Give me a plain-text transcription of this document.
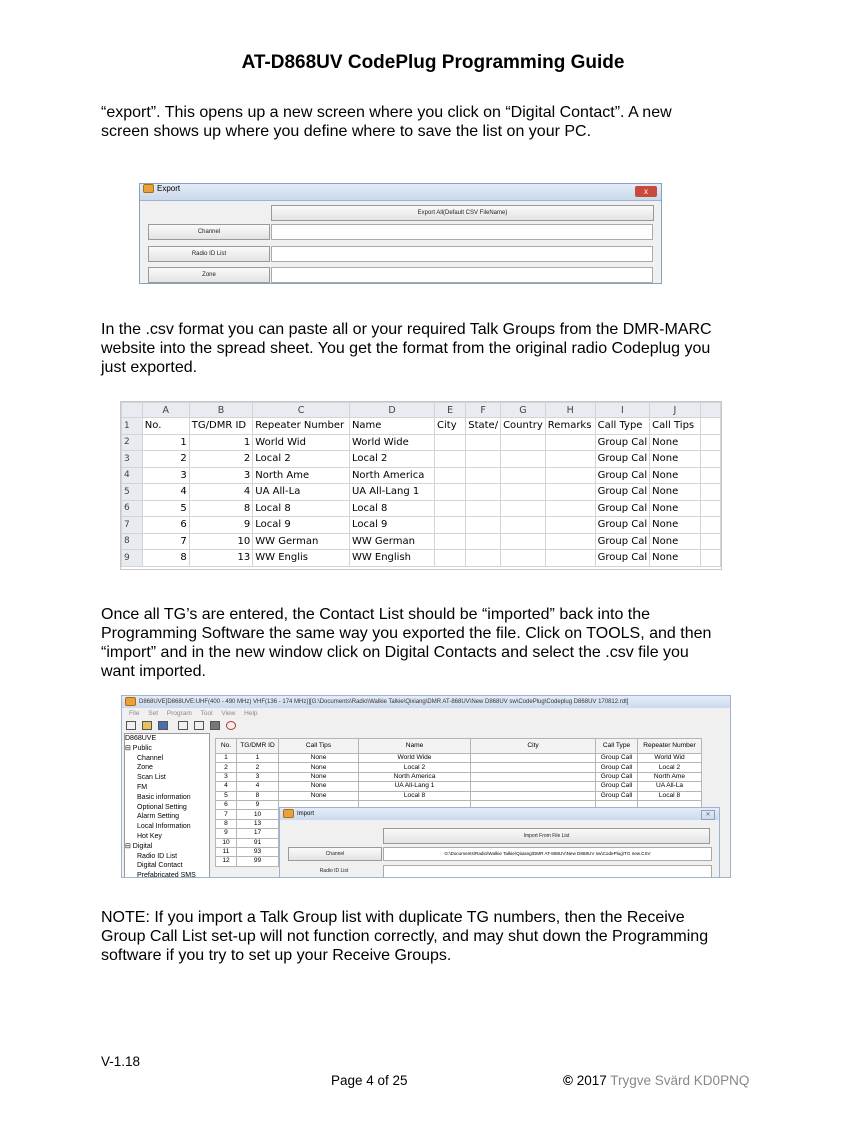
AT-D868UV CodePlug Programming Guide
“export”. This opens up a new screen where you click on “Digital Contact”. A new
screen shows up where you define where to save the list on your PC.
Export	x
Export All(Default CSV FileName)
Channel
Radio ID List
Zone
In the .csv format you can paste all or your required Talk Groups from the DMR-MARC
website into the spread sheet. You get the format from the original radio Codeplug you
just exported.
	A	B	C	D	E	F	G	H	I	J	
1	No.	TG/DMR ID	Repeater Number	Name	City	State/	Country	Remarks	Call Type	Call Tips	
2	1	1	World Wid	World Wide					Group Cal	None	
3	2	2	Local 2	Local 2					Group Cal	None	
4	3	3	North Ame	North America					Group Cal	None	
5	4	4	UA All-La	UA All-Lang 1					Group Cal	None	
6	5	8	Local 8	Local 8					Group Cal	None	
7	6	9	Local 9	Local 9					Group Cal	None	
8	7	10	WW German	WW German					Group Cal	None	
9	8	13	WW Englis	WW English					Group Cal	None	
Once all TG’s are entered, the Contact List should be “imported” back into the
Programming Software the same way you exported the file. Click on TOOLS, and then
“import” and in the new window click on Digital Contacts and select the .csv file you
want imported.
D868UVE[D868UVE:UHF(400 - 490 MHz) VHF(136 - 174 MHz)][G:\Documents\Radio\Walkie Talkie\Qixiang\DMR AT-868UV\New D868UV sw\CodePlug\Codeplug D868UV 170812.rdt]
File Set Program Tool View Help

D868UVE
⊟ Public
Channel
Zone
Scan List
FM
Basic information
Optional Setting
Alarm Setting
Local Information
Hot Key
⊟ Digital
Radio ID List
Digital Contact
Prefabricated SMS
No.	TG/DMR ID	Call Tips	Name	City	Call Type	Repeater Number
1	1	None	World Wide		Group Call	World Wid
2	2	None	Local 2		Group Call	Local 2
3	3	None	North America		Group Call	North Ame
4	4	None	UA All-Lang 1		Group Call	UA All-La
5	8	None	Local 8		Group Call	Local 8
6	9					
7	10					
8	13					
9	17					
10	91					
11	93					
12	99					
Import	✕
Import From File List
Channel	G:\Documents\Radio\Walkie Talkie\Qixiang\DMR AT-868UV\New D868UV sw\CodePlug\TG new.CSV
Radio ID List
NOTE: If you import a Talk Group list with duplicate TG numbers, then the Receive
Group Call List set-up will not function correctly, and may shut down the Programming
software if you try to set up your Receive Groups.
V-1.18
Page 4 of 25	© 2017 Trygve Svärd KD0PNQ
